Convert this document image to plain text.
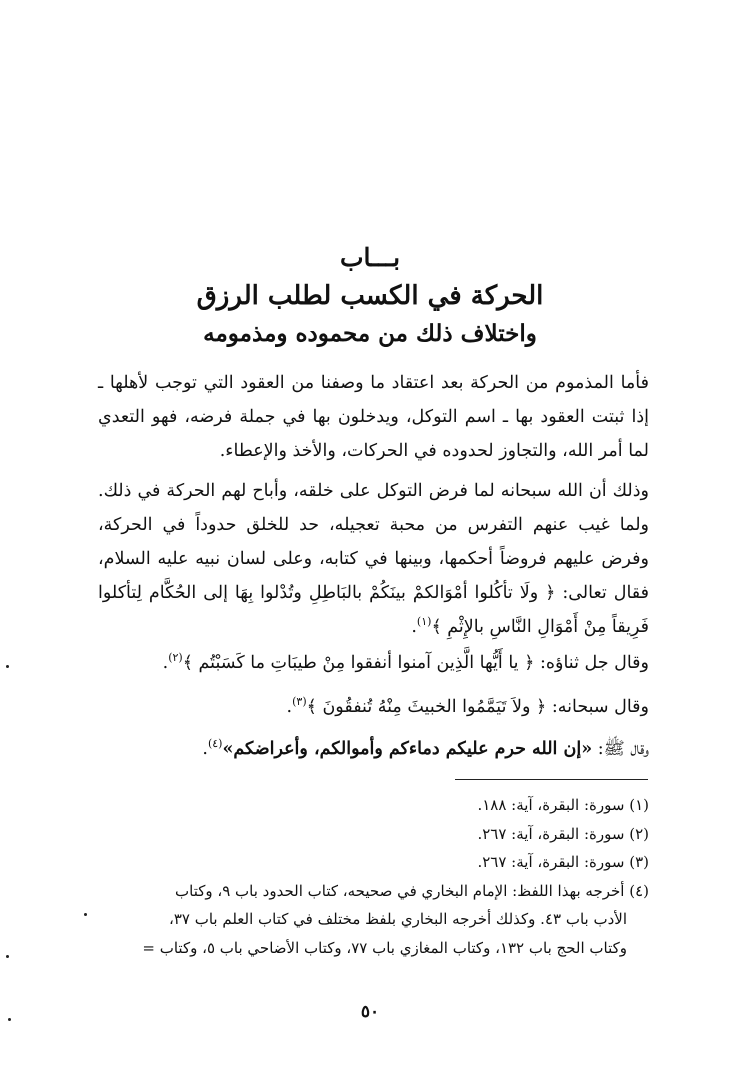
بـــاب
الحركة في الكسب لطلب الرزق
واختلاف ذلك من محموده ومذمومه
فأما المذموم من الحركة بعد اعتقاد ما وصفنا من العقود التي توجب لأهلها ـ إذا ثبتت العقود بها ـ اسم التوكل، ويدخلون بها في جملة فرضه، فهو التعدي لما أمر الله، والتجاوز لحدوده في الحركات، والأخذ والإعطاء.
وذلك أن الله سبحانه لما فرض التوكل على خلقه، وأباح لهم الحركة في ذلك. ولما غيب عنهم التفرس من محبة تعجيله، حد للخلق حدوداً في الحركة، وفرض عليهم فروضاً أحكمها، وبينها في كتابه، وعلى لسان نبيه عليه السلام، فقال تعالى: ﴿ ولَا تأكُلوا أمْوَالكمْ بينَكُمْ بالبَاطِلِ وتُدْلوا بِهَا إلى الحُكَّام لِتأكلوا فَرِيقاً مِنْ أَمْوَالِ النَّاسِ بالإِثْمِ ﴾$^{(١)}$.
وقال جل ثناؤه: ﴿ يا أَيُّها الَّذِين آمنوا أنفقوا مِنْ طيبَاتِ ما كَسَبْتُم ﴾$^{(٢)}$.
وقال سبحانه: ﴿ ولاَ تَيَمَّمُوا الخبيثَ مِنْهُ تُنفقُونَ ﴾$^{(٣)}$.
وقال ﷺ: «إن الله حرم عليكم دماءكم وأموالكم، وأعراضكم»$^{(٤)}$.
(١) سورة: البقرة، آية: ١٨٨.
(٢) سورة: البقرة، آية: ٢٦٧.
(٣) سورة: البقرة، آية: ٢٦٧.
(٤) أخرجه بهذا اللفظ: الإمام البخاري في صحيحه، كتاب الحدود باب ٩، وكتاب
الأدب باب ٤٣. وكذلك أخرجه البخاري بلفظ مختلف في كتاب العلم باب ٣٧،
وكتاب الحج باب ١٣٢، وكتاب المغازي باب ٧٧، وكتاب الأضاحي باب ٥، وكتاب =
٥٠
